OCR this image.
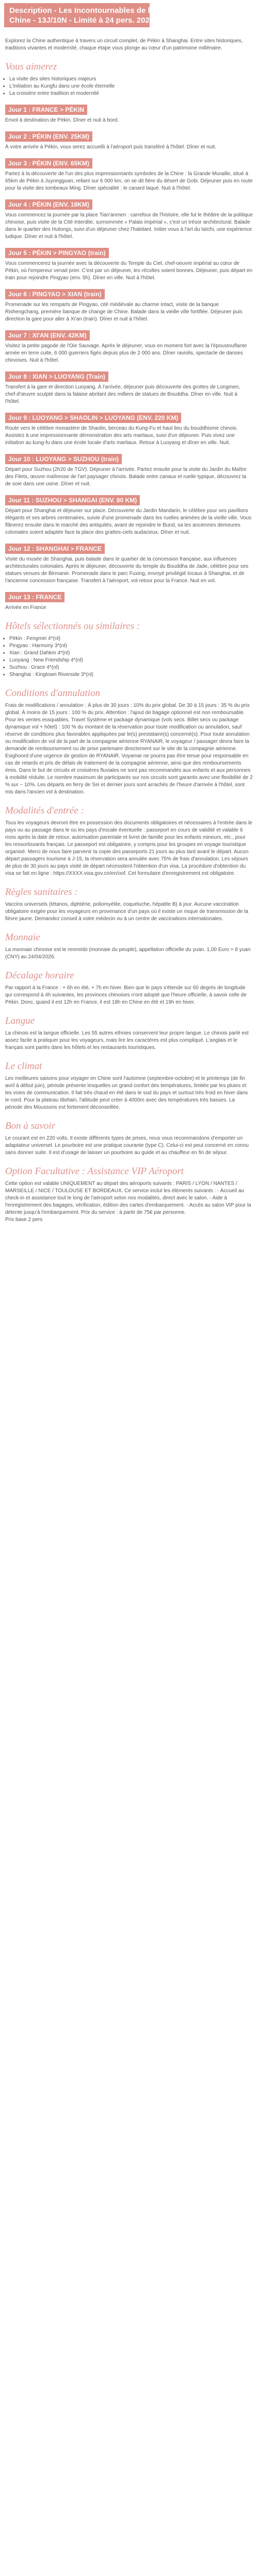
Description - Les Incontournables de la
Chine - 13J/10N - Limité à 24 pers. 2027

Explorez la Chine authentique à travers un circuit complet, de Pékin à Shanghai. Entre sites historiques, traditions vivantes et modernité, chaque étape vous plonge au cœur d'un patrimoine millénaire.

Vous aimerez
• La visite des sites historiques majeurs
• L'initiation au Kungfu dans une école éternelle
• La croisière entre tradition et modernité
Jour 1 : FRANCE > PÉKIN

Envol à destination de Pékin. Dîner et nuit à bord.

Jour 2 : PÉKIN (ENV. 25KM)

À votre arrivée à Pékin, vous serez accueilli à l'aéroport puis transféré à l'hôtel. Dîner et nuit.

Jour 3 : PÉKIN (ENV. 65KM)

Partez à la découverte de l'un des plus impressionnants symboles de la Chine : la Grande Muraille, situé à 65km de Pékin à Juyongguan, reliant sur 6 000 km, on se dit fière du désert de Gobi. Déjeuner puis en route pour la visite des tombeaux Ming. Dîner spécialité : le canard laqué. Nuit à l'hôtel.

Jour 4 : PÉKIN (ENV. 18KM)

Vous commencez la journée par la place Tian'anmen : carrefour de l'histoire, elle fut le théâtre de la politique chinoise, puis visite de la Cité Interdite, surnommée « Palais impérial », c'est un trésor architectural. Balade dans le quartier des Hutongs, suivi d'un déjeuner chez l'habitant. Initier vous à l'art du taïchi, une expérience ludique. Dîner et nuit à l'hôtel.

Jour 5 : PÉKIN > PINGYAO (train)

Vous commencerez la journée avec la découverte du Temple du Ciel, chef-oeuvre impérial au cœur de Pékin, où l'empereur venait prier. C'est par un déjeuner, les récoltes soient bonnes. Déjeuner, puis départ en train pour rejoindre Pingyao (env. 5h). Dîner en ville. Nuit à l'hôtel.

Jour 6 : PINGYAO > XIAN (train)

Promenade sur les remparts de Pingyao, cité médiévale au charme intact, visite de la banque Rishengchang, première banque de change de Chine. Balade dans la vieille ville fortifiée. Déjeuner puis direction la gare pour aller à Xi'an (train). Dîner et nuit à l'hôtel.

Jour 7 : XI'AN (ENV. 42KM)

Visitez la petite pagode de l'Oie Sauvage. Après le déjeuner, vous en moment fort avec la l'époustouflante armée en terre cuite, 6 000 guerriers figés depuis plus de 2 000 ans. Dîner raviolis, spectacle de danses chinoises. Nuit à l'hôtel.

Jour 8 : XIAN > LUOYANG (Train)

Transfert à la gare et direction Luoyang. À l'arrivée, déjeuner puis découverte des grottes de Longmen, chef-d'œuvre sculpté dans la falaise abritant des milliers de statues de Bouddha. Dîner en ville. Nuit à l'hôtel.

Jour 9 : LUOYANG > SHAOLIN > LUOYANG (ENV. 220 KM)

Route vers le célèbre monastère de Shaolin, berceau du Kung-Fu et haut lieu du bouddhisme chinois. Assistez à une impressionnante démonstration des arts martiaux, suivi d'un déjeuner. Puis vivez une initiation au kung-fu dans une école locale d'arts martiaux. Retour à Luoyang et dîner en ville. Nuit.

Jour 10 : LUOYANG > SUZHOU (train)

Départ pour Suzhou (2h20 de TGV). Déjeuner à l'arrivée. Partez ensuite pour la visite du Jardin du Maître des Filets, œuvre maîtresse de l'art paysager chinois. Balade entre canaux et ruelle typique, découvrez la de soie dans une usine. Dîner et nuit.

Jour 11 : SUZHOU > SHANGAI (ENV. 80 KM)

Départ pour Shanghai et déjeuner sur place. Découverte du Jardin Mandarin, le célèbre pour ses pavillons élégants et ses arbres centenaires, suivie d'une promenade dans les ruelles animées de la vieille ville. Vous flânerez ensuite dans le marché des antiquités, avant de rejoindre le Bund, sa les anciennes demeures coloniales soient adaptée face la place des grattes-ciels audacieux. Dîner et nuit.

Jour 12 : SHANGHAI > FRANCE

Visite du musée de Shanghai, puis balade dans le quartier de la concession française, aux influences architecturales coloniales. Après le déjeuner, découverte du temple du Bouddha de Jade, célèbre pour ses statues venues de Birmanie. Promenade dans le parc Fuxing, envoyé privilégié locaux à Shanghai, et de l'ancienne concession française. Transfert à l'aéroport, vol retour pour la France. Nuit en vol.

Jour 13 : FRANCE

Arrivée en France

Hôtels sélectionnés ou similaires :
• Pékin : Fengmei 4*(nl)
• Pingyao : Harmony 3*(nl)
• Xian : Grand Dahkm 4*(nl)
• Luoyang : New Friendship 4*(nl)
• Suzhou : Grace 4*(nl)
• Shanghai : Kingtown Riverside 3*(nl)
Conditions d'annulation

Frais de modifications / annulation : À plus de 30 jours : 10% du prix global. De 30 à 15 jours : 35 % du prix global. À moins de 15 jours : 100 % du prix. Attention : l'ajout de bagage optionnel est non remboursable. Pour les ventes essquables, Travel Système et package dynamique (vols secs. Billet secs ou package dynamique vol + hôtel) : 100 % du montant de la réservation pour toute modification ou annulation, sauf réserve de conditions plus favorables appliquées par le(s) prestataire(s) concerné(s). Pour toute annulation ou modification de vol de la part de la compagnie aérienne RYANAIR, le voyageur / passager devra faire la demande de remboursement ou de prise partenaire directement sur le site de la compagnie aérienne. Esighoord d'une urgence de gestion de RYANAIR. Voyamar ne pourra pas être tenue pour responsable en cas de retards et pris de délais de traitement de la compagnie aérienne, ainsi que des remboursements émis. Dans le but de circuits et croisières fluviales ne sont pas recommandés aux enfants et aux personnes à mobilité réduite. Le nombre maximum de participants sur nos circuits sont garantis avec une flexibilité de 2 % sur ~ 10%. Les départs en ferry de Sei et dernier jours sont arrachés de l'heure d'arrivée à l'hôtel, sont mis dans l'ancien vol à destination.

Modalités d'entrée :

Tous les voyageurs devront être en possession des documents obligatoires et nécessaires à l'entrée dans le pays ou au passage dans le ou les pays d'escale éventuelle : passeport en cours de validité et valable 6 mois après la date de retour, autorisation parentale et livret de famille pour les enfants mineurs, etc., pour les ressortissants français. Le passeport est obligatoire, y compris pour les groupes en voyage touristique organisé. Merci de nous faire parvenir la copie des passeports 21 jours au plus tard avant le départ. Aucun départ passagers tourisme à J-15, la réservation sera annulée avec 75% de frais d'annulation. Les séjours de plus de 30 jours au pays visité de départ nécessitent l'obtention d'un visa. La procédure d'obtention du visa se fait en ligne : https://XXXX.visa.gov.cn/en/oof. Cet formulaire d'enregistrement est obligatoire.

Règles sanitaires :

Vaccins universels (tétanos, diphtérie, poliomyélite, coqueluche, hépatite B) à jour. Aucune vaccination obligatoire exigée pour les voyageurs en provenance d'un pays où il existe un risque de transmission de la fièvre jaune. Demandez conseil à votre médecin ou à un centre de vaccinations internationales.

Monnaie

La monnaie chinoise est le renminbi (monnaie du peuple), appellation officielle du yuan. 1,00 Euro = 8 yuan (CNY) au 24/04/2026.

Décalage horaire

Par rapport à la France : + 6h en été, + 7h en hiver. Bien que le pays s'étende sur 60 degrés de longitude qui correspond à 4h suivantes, les provinces chinoises n'ont adopté que l'heure officielle, à savoir celle de Pékin. Donc, quand il est 12h en France, il est 18h en Chine en été et 19h en hiver.

Langue

La chinois est la langue officielle. Les 55 autres ethnies conservent leur propre langue. Le chinois parlé est assez facile à pratiquer pour les voyageurs, mais lire les caractères est plus compliqué. L'anglais et le français sont parlés dans les hôtels et les restaurants touristiques.

Le climat

Les meilleures saisons pour voyager en Chine sont l'automne (septembre-octobre) et le printemps (de fin avril à début juin), période présente lesquelles un grand confort des températures, limitée par les pluies et les voies de communication. Il fait très chaud en été dans le sud du pays et surtout très froid en hiver dans le nord. Pour la plateau tibétain, l'altitude peut créer à 4000m avec des températures très basses. La période des Moussons est fortement déconseillée.

Bon à savoir

Le courant est en 220 volts. Il existe différents types de prises, nous vous recommandons d'emporter un adaptateur universel. Le pourboire est une pratique courante (type C). Celui-ci est peut concerné en connu sans donner suite. Il est d'usage de laisser un pourboire au guide et au chauffeur en fin de séjour.

Option Facultative : Assistance VIP Aéroport

Cette option est valable UNIQUEMENT au départ des aéroports suivants : PARIS / LYON / NANTES / MARSEILLE / NICE / TOULOUSE ET BORDEAUX. Ce service inclut les éléments suivants : - Accueil au check-in et assistance tout le long de l'aéroport selon nos modalités, direct avec le salon. - Aide à l'enregistrement des bagages, vérification, édition des cartes d'embarquement. - Accès au salon VIP pour la détente jusqu'à l'embarquement. Prix du service : à partir de 75€ par personne.

Prix base 2 pers
